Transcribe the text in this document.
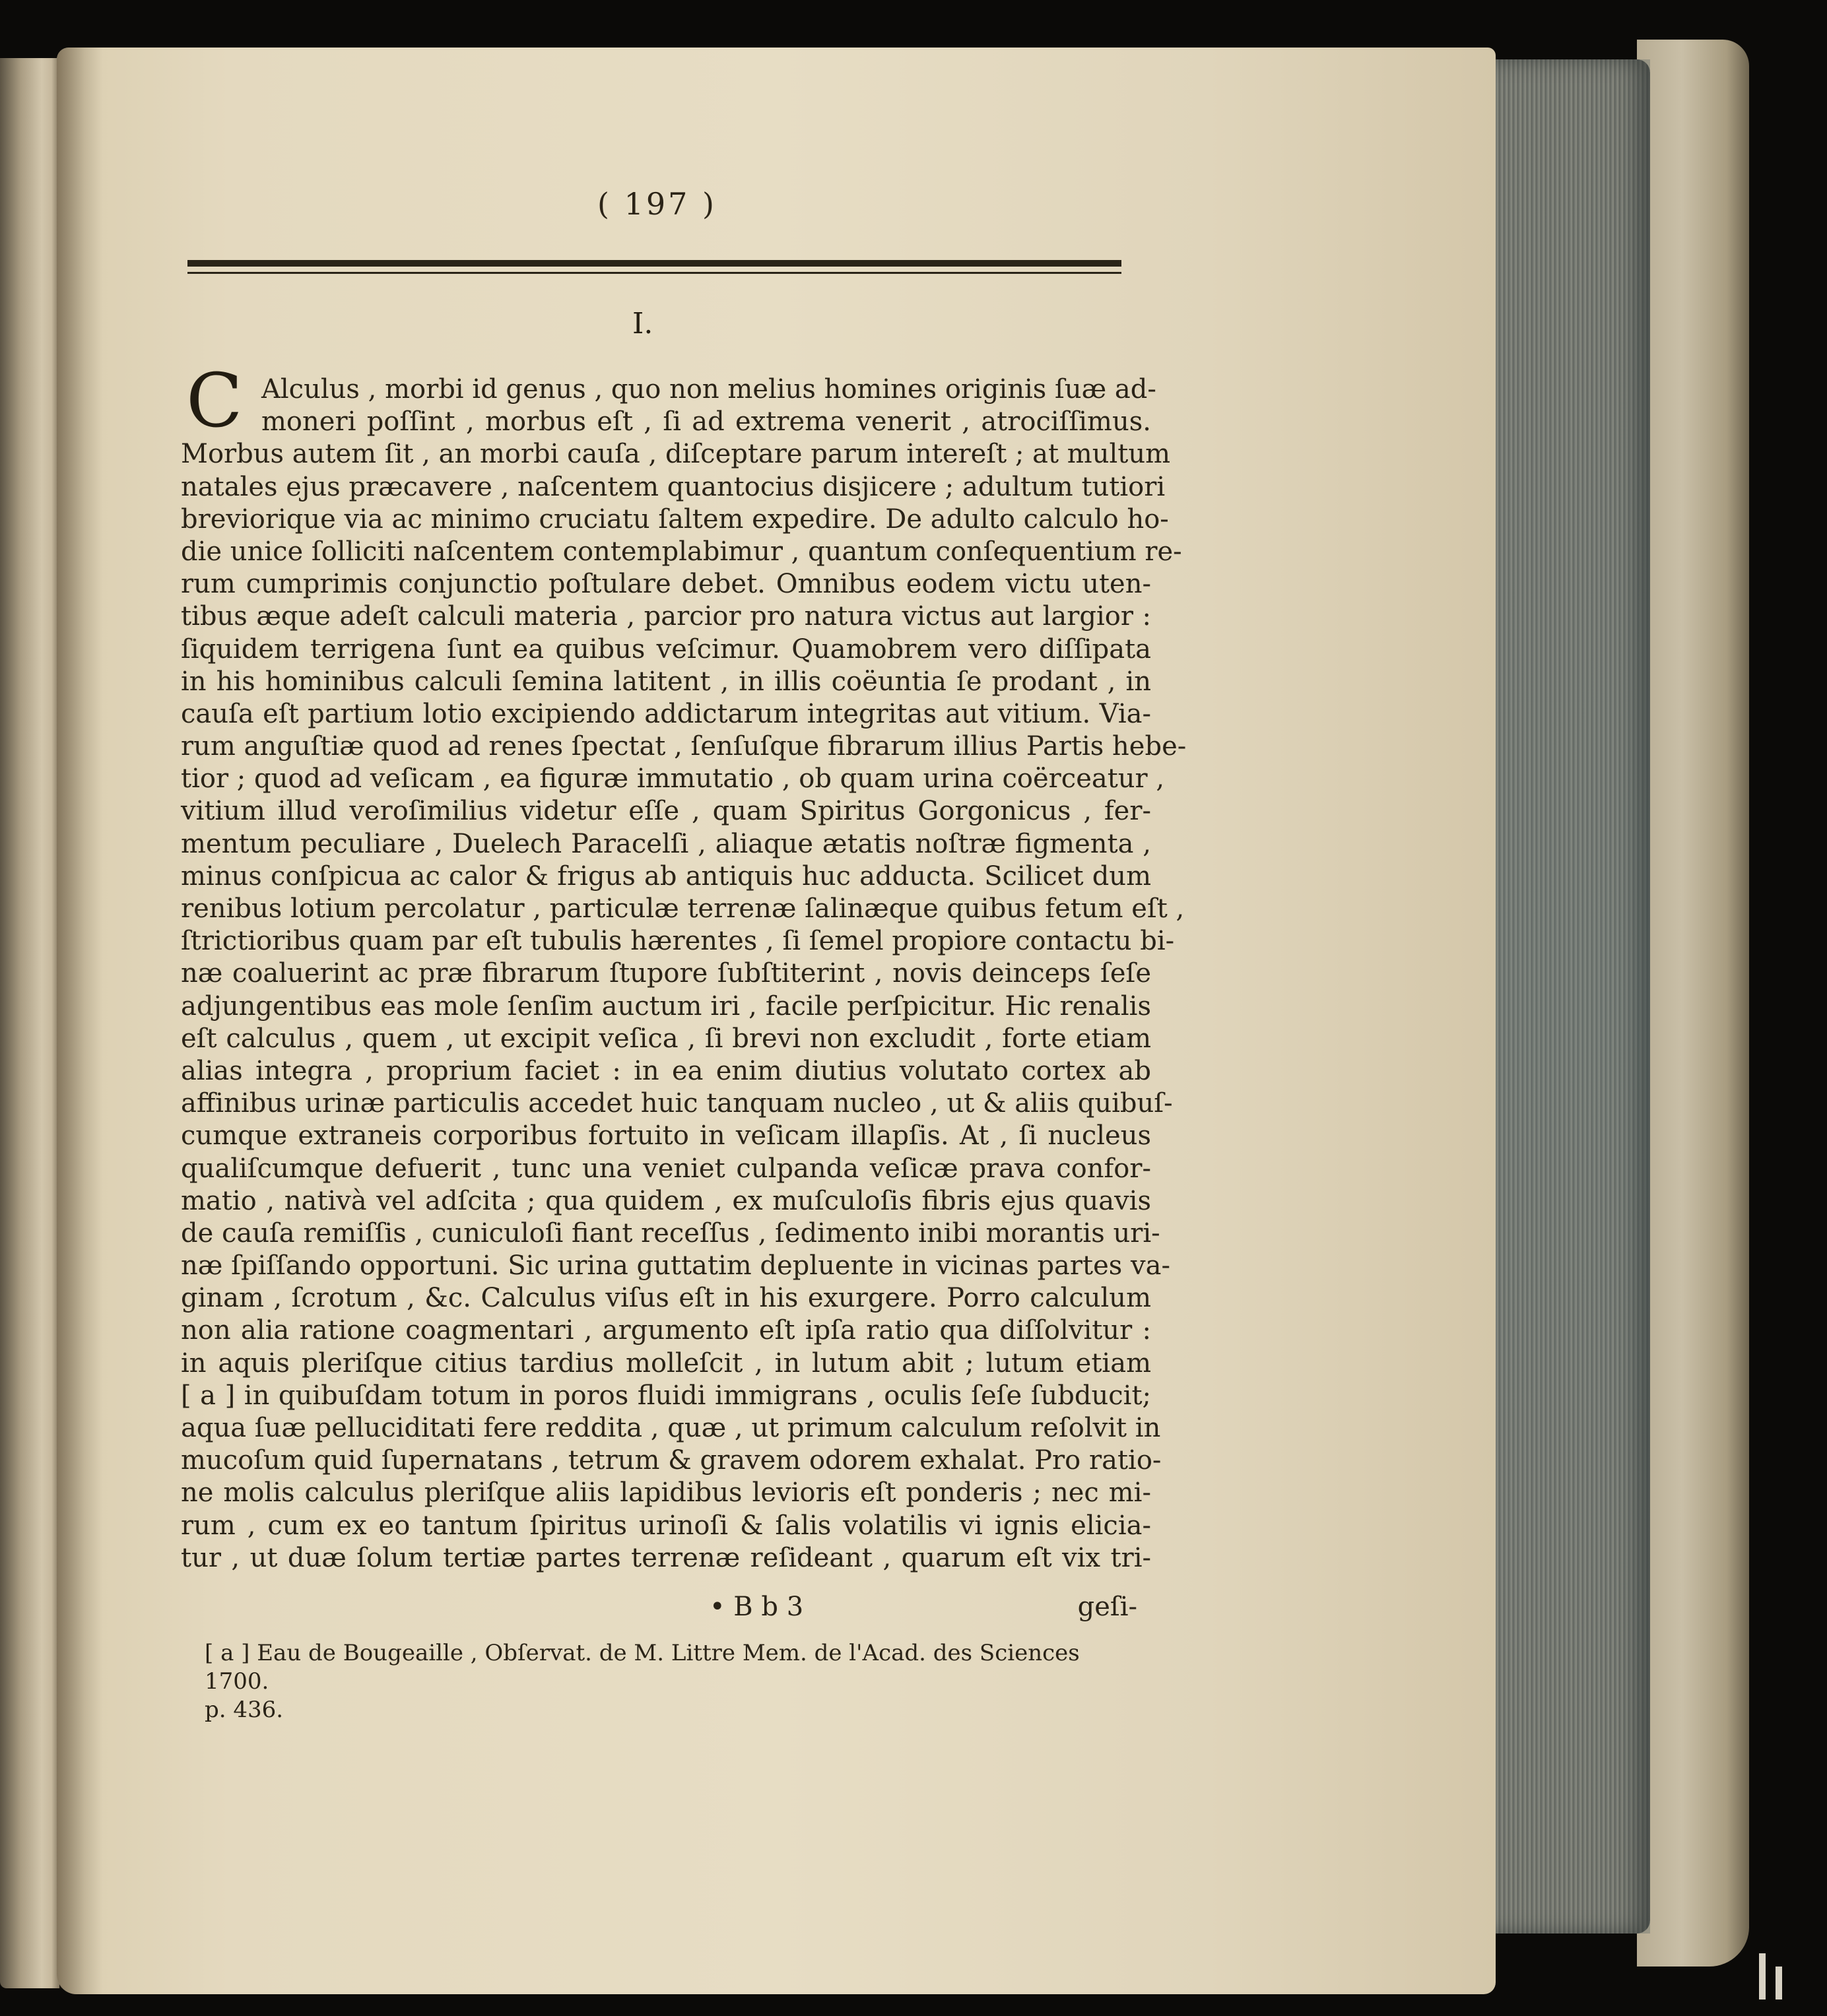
( 197 )
I.
C Alculus , morbi id genus , quo non melius homines originis ſuæ ad-
moneri poſſint , morbus eſt , ſi ad extrema venerit , atrociſſimus.
Morbus autem ſit , an morbi cauſa , diſceptare parum intereſt ; at multum
natales ejus præcavere , naſcentem quantocius disjicere ; adultum tutiori
breviorique via ac minimo cruciatu ſaltem expedire. De adulto calculo ho-
die unice ſolliciti naſcentem contemplabimur , quantum conſequentium re-
rum cumprimis conjunctio poſtulare debet. Omnibus eodem victu uten-
tibus æque adeſt calculi materia , parcior pro natura victus aut largior :
ſiquidem terrigena ſunt ea quibus veſcimur. Quamobrem vero diſſipata
in his hominibus calculi ſemina latitent , in illis coëuntia ſe prodant , in
cauſa eſt partium lotio excipiendo addictarum integritas aut vitium. Via-
rum anguſtiæ quod ad renes ſpectat , ſenſuſque fibrarum illius Partis hebe-
tior ; quod ad veſicam , ea figuræ immutatio , ob quam urina coërceatur ,
vitium illud veroſimilius videtur eſſe , quam Spiritus Gorgonicus , fer-
mentum peculiare , Duelech Paracelſi , aliaque ætatis noſtræ figmenta ,
minus conſpicua ac calor & frigus ab antiquis huc adducta. Scilicet dum
renibus lotium percolatur , particulæ terrenæ ſalinæque quibus fetum eſt ,
ſtrictioribus quam par eſt tubulis hærentes , ſi ſemel propiore contactu bi-
næ coaluerint ac præ fibrarum ſtupore ſubſtiterint , novis deinceps ſeſe
adjungentibus eas mole ſenſim auctum iri , facile perſpicitur. Hic renalis
eſt calculus , quem , ut excipit veſica , ſi brevi non excludit , forte etiam
alias integra , proprium faciet : in ea enim diutius volutato cortex ab
affinibus urinæ particulis accedet huic tanquam nucleo , ut & aliis quibuſ-
cumque extraneis corporibus fortuito in veſicam illapſis. At , ſi nucleus
qualiſcumque defuerit , tunc una veniet culpanda veſicæ prava confor-
matio , nativà vel adſcita ; qua quidem , ex muſculoſis fibris ejus quavis
de cauſa remiſſis , cuniculoſi fiant receſſus , ſedimento inibi morantis uri-
næ ſpiſſando opportuni. Sic urina guttatim depluente in vicinas partes va-
ginam , ſcrotum , &c. Calculus viſus eſt in his exurgere. Porro calculum
non alia ratione coagmentari , argumento eſt ipſa ratio qua diſſolvitur :
in aquis pleriſque citius tardius molleſcit , in lutum abit ; lutum etiam
[ a ] in quibuſdam totum in poros fluidi immigrans , oculis ſeſe ſubducit;
aqua ſuæ pelluciditati fere reddita , quæ , ut primum calculum reſolvit in
mucoſum quid ſupernatans , tetrum & gravem odorem exhalat. Pro ratio-
ne molis calculus pleriſque aliis lapidibus levioris eſt ponderis ; nec mi-
rum , cum ex eo tantum ſpiritus urinoſi & ſalis volatilis vi ignis elicia-
tur , ut duæ ſolum tertiæ partes terrenæ reſideant , quarum eſt vix tri-
• B b 3	geſi-
[ a ] Eau de Bougeaille , Obſervat. de M. Littre Mem. de l'Acad. des Sciences 1700.
p. 436.
